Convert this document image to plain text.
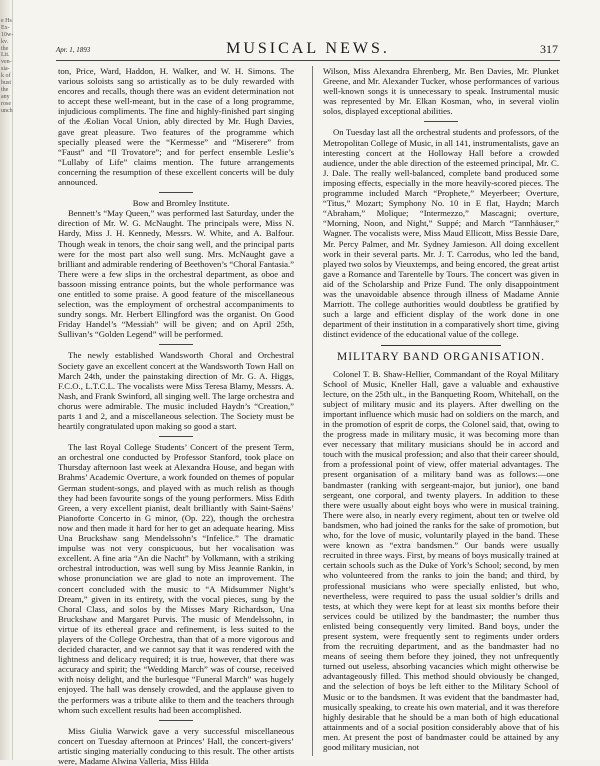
e Hs
Ex-
10w-
kv.
the
Lit.
ven-
sia-
k of
bust
the
any
rose
unch
Apr. 1, 1893	MUSICAL NEWS.	317

ton, Price, Ward, Haddon, H. Walker, and W. H. Simons. The various soloists sang so artistically as to be duly rewarded with encores and recalls, though there was an evident determination not to accept these well-meant, but in the case of a long programme, injudicious compliments. The fine and highly-finished part singing of the Æolian Vocal Union, ably directed by Mr. Hugh Davies, gave great pleasure. Two features of the programme which specially pleased were the “Kermesse” and “Miserere” from “Faust” and “Il Trovatore”; and for perfect ensemble Leslie’s “Lullaby of Life” claims mention. The future arrangements concerning the resumption of these excellent concerts will be duly announced.

Bow and Bromley Institute.

Bennett’s “May Queen,” was performed last Saturday, under the direction of Mr. W. G. McNaught. The principals were, Miss N. Hardy, Miss J. H. Kennedy, Messrs. W. White, and A. Balfour. Though weak in tenors, the choir sang well, and the principal parts were for the most part also well sung. Mrs. McNaught gave a brilliant and admirable rendering of Beethoven’s “Choral Fantasia.” There were a few slips in the orchestral department, as oboe and bassoon missing entrance points, but the whole performance was one entitled to some praise. A good feature of the miscellaneous selection, was the employment of orchestral accompaniments to sundry songs. Mr. Herbert Ellingford was the organist. On Good Friday Handel’s “Messiah” will be given; and on April 25th, Sullivan’s “Golden Legend” will be performed.

The newly established Wandsworth Choral and Orchestral Society gave an excellent concert at the Wandsworth Town Hall on March 24th, under the painstaking direction of Mr. G. A. Higgs, F.C.O., L.T.C.L. The vocalists were Miss Teresa Blamy, Messrs. A. Nash, and Frank Swinford, all singing well. The large orchestra and chorus were admirable. The music included Haydn’s “Creation,” parts 1 and 2, and a miscellaneous selection. The Society must be heartily congratulated upon making so good a start.

The last Royal College Students’ Concert of the present Term, an orchestral one conducted by Professor Stanford, took place on Thursday afternoon last week at Alexandra House, and began with Brahms’ Academic Overture, a work founded on themes of popular German student-songs, and played with as much relish as though they had been favourite songs of the young performers. Miss Edith Green, a very excellent pianist, dealt brilliantly with Saint-Saëns’ Pianoforte Concerto in G minor, (Op. 22), though the orchestra now and then made it hard for her to get an adequate hearing. Miss Una Bruckshaw sang Mendelssohn’s “Infelice.” The dramatic impulse was not very conspicuous, but her vocalisation was excellent. A fine aria “An die Nacht” by Volkmann, with a striking orchestral introduction, was well sung by Miss Jeannie Rankin, in whose pronunciation we are glad to note an improvement. The concert concluded with the music to “A Midsummer Night’s Dream,” given in its entirety, with the vocal pieces, sung by the Choral Class, and solos by the Misses Mary Richardson, Una Bruckshaw and Margaret Purvis. The music of Mendelssohn, in virtue of its ethereal grace and refinement, is less suited to the players of the College Orchestra, than that of a more vigorous and decided character, and we cannot say that it was rendered with the lightness and delicacy required; it is true, however, that there was accuracy and spirit; the “Wedding March” was of course, received with noisy delight, and the burlesque “Funeral March” was hugely enjoyed. The hall was densely crowded, and the applause given to the performers was a tribute alike to them and the teachers through whom such excellent results had been accomplished.

Miss Giulia Warwick gave a very successful miscellaneous concert on Tuesday afternoon at Princes’ Hall, the concert-givers’ artistic singing materially conducing to this result. The other artists were, Madame Alwina Valleria, Miss Hilda

Wilson, Miss Alexandra Ehrenberg, Mr. Ben Davies, Mr. Plunket Greene, and Mr. Alexander Tucker, whose performances of various well-known songs it is unnecessary to speak. Instrumental music was represented by Mr. Elkan Kosman, who, in several violin solos, displayed exceptional abilities.

On Tuesday last all the orchestral students and professors, of the Metropolitan College of Music, in all 141, instrumentalists, gave an interesting concert at the Holloway Hall before a crowded audience, under the able direction of the esteemed principal, Mr. C. J. Dale. The really well-balanced, complete band produced some imposing effects, especially in the more heavily-scored pieces. The programme included March “Prophete,” Meyerbeer; Overture, “Titus,” Mozart; Symphony No. 10 in E flat, Haydn; March “Abraham,” Molique; “Intermezzo,” Mascagni; overture, “Morning, Noon, and Night,” Suppé; and March “Tannhäuser,” Wagner. The vocalists were, Miss Maud Ellicott, Miss Bessie Dare, Mr. Percy Palmer, and Mr. Sydney Jamieson. All doing excellent work in their several parts. Mr. J. T. Carrodus, who led the band, played two solos by Vieuxtemps, and being encored, the great artist gave a Romance and Tarentelle by Tours. The concert was given in aid of the Scholarship and Prize Fund. The only disappointment was the unavoidable absence through illness of Madame Annie Marriott. The college authorities would doubtless be gratified by such a large and efficient display of the work done in one department of their institution in a comparatively short time, giving distinct evidence of the educational value of the college.

MILITARY BAND ORGANISATION.

Colonel T. B. Shaw-Hellier, Commandant of the Royal Military School of Music, Kneller Hall, gave a valuable and exhaustive lecture, on the 25th ult., in the Banqueting Room, Whitehall, on the subject of military music and its players. After dwelling on the important influence which music had on soldiers on the march, and in the promotion of esprit de corps, the Colonel said, that, owing to the progress made in military music, it was becoming more than ever necessary that military musicians should be in accord and touch with the musical profession; and also that their career should, from a professional point of view, offer material advantages. The present organisation of a military band was as follows:—one bandmaster (ranking with sergeant-major, but junior), one band sergeant, one corporal, and twenty players. In addition to these there were usually about eight boys who were in musical training. There were also, in nearly every regiment, about ten or twelve old bandsmen, who had joined the ranks for the sake of promotion, but who, for the love of music, voluntarily played in the band. These were known as “extra bandsmen.” Our bands were usually recruited in three ways. First, by means of boys musically trained at certain schools such as the Duke of York’s School; second, by men who volunteered from the ranks to join the band; and third, by professional musicians who were specially enlisted, but who, nevertheless, were required to pass the usual soldier’s drills and tests, at which they were kept for at least six months before their services could be utilized by the bandmaster; the number thus enlisted being consequently very limited. Band boys, under the present system, were frequently sent to regiments under orders from the recruiting department, and as the bandmaster had no means of seeing them before they joined, they not unfrequently turned out useless, absorbing vacancies which might otherwise be advantageously filled. This method should obviously be changed, and the selection of boys be left either to the Military School of Music or to the bandsmen. It was evident that the bandmaster had, musically speaking, to create his own material, and it was therefore highly desirable that he should be a man both of high educational attainments and of a social position considerably above that of his men. At present the post of bandmaster could be attained by any good military musician, not
